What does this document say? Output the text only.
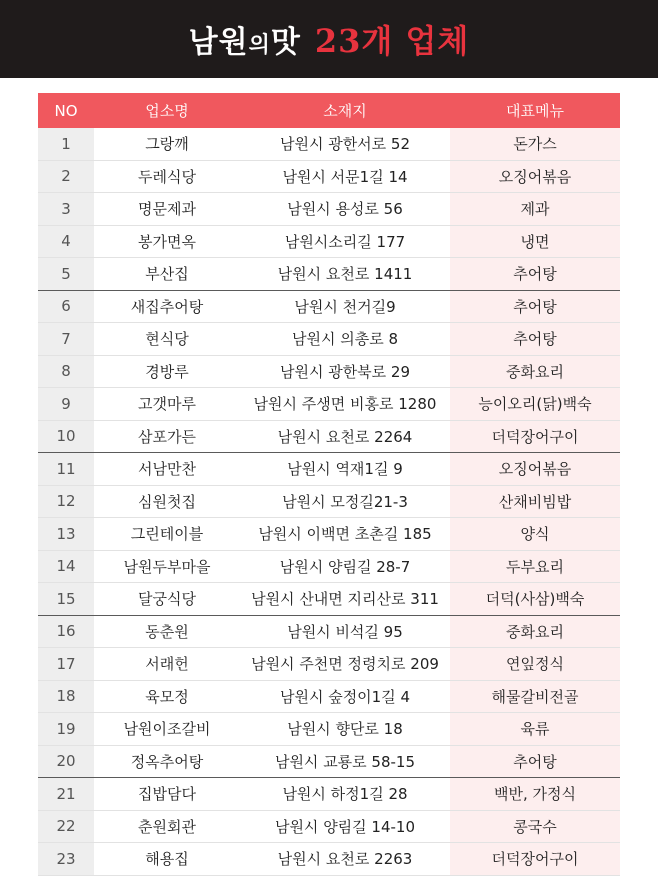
남원의맛 23개 업체
NO	업소명	소재지	대표메뉴
1	그랑깨	남원시 광한서로 52	돈가스
2	두레식당	남원시 서문1길 14	오징어볶음
3	명문제과	남원시 용성로 56	제과
4	봉가면옥	남원시소리길 177	냉면
5	부산집	남원시 요천로 1411	추어탕
6	새집추어탕	남원시 천거길9	추어탕
7	현식당	남원시 의총로 8	추어탕
8	경방루	남원시 광한북로 29	중화요리
9	고갯마루	남원시 주생면 비홍로 1280	능이오리(닭)백숙
10	삼포가든	남원시 요천로 2264	더덕장어구이
11	서남만찬	남원시 역재1길 9	오징어볶음
12	심원첫집	남원시 모정길21-3	산채비빔밥
13	그린테이블	남원시 이백면 초촌길 185	양식
14	남원두부마을	남원시 양림길 28-7	두부요리
15	달궁식당	남원시 산내면 지리산로 311	더덕(사삼)백숙
16	동춘원	남원시 비석길 95	중화요리
17	서래헌	남원시 주천면 정령치로 209	연잎정식
18	육모정	남원시 숲정이1길 4	해물갈비전골
19	남원이조갈비	남원시 향단로 18	육류
20	정옥추어탕	남원시 교룡로 58-15	추어탕
21	집밥담다	남원시 하정1길 28	백반, 가정식
22	춘원회관	남원시 양림길 14-10	콩국수
23	해용집	남원시 요천로 2263	더덕장어구이
